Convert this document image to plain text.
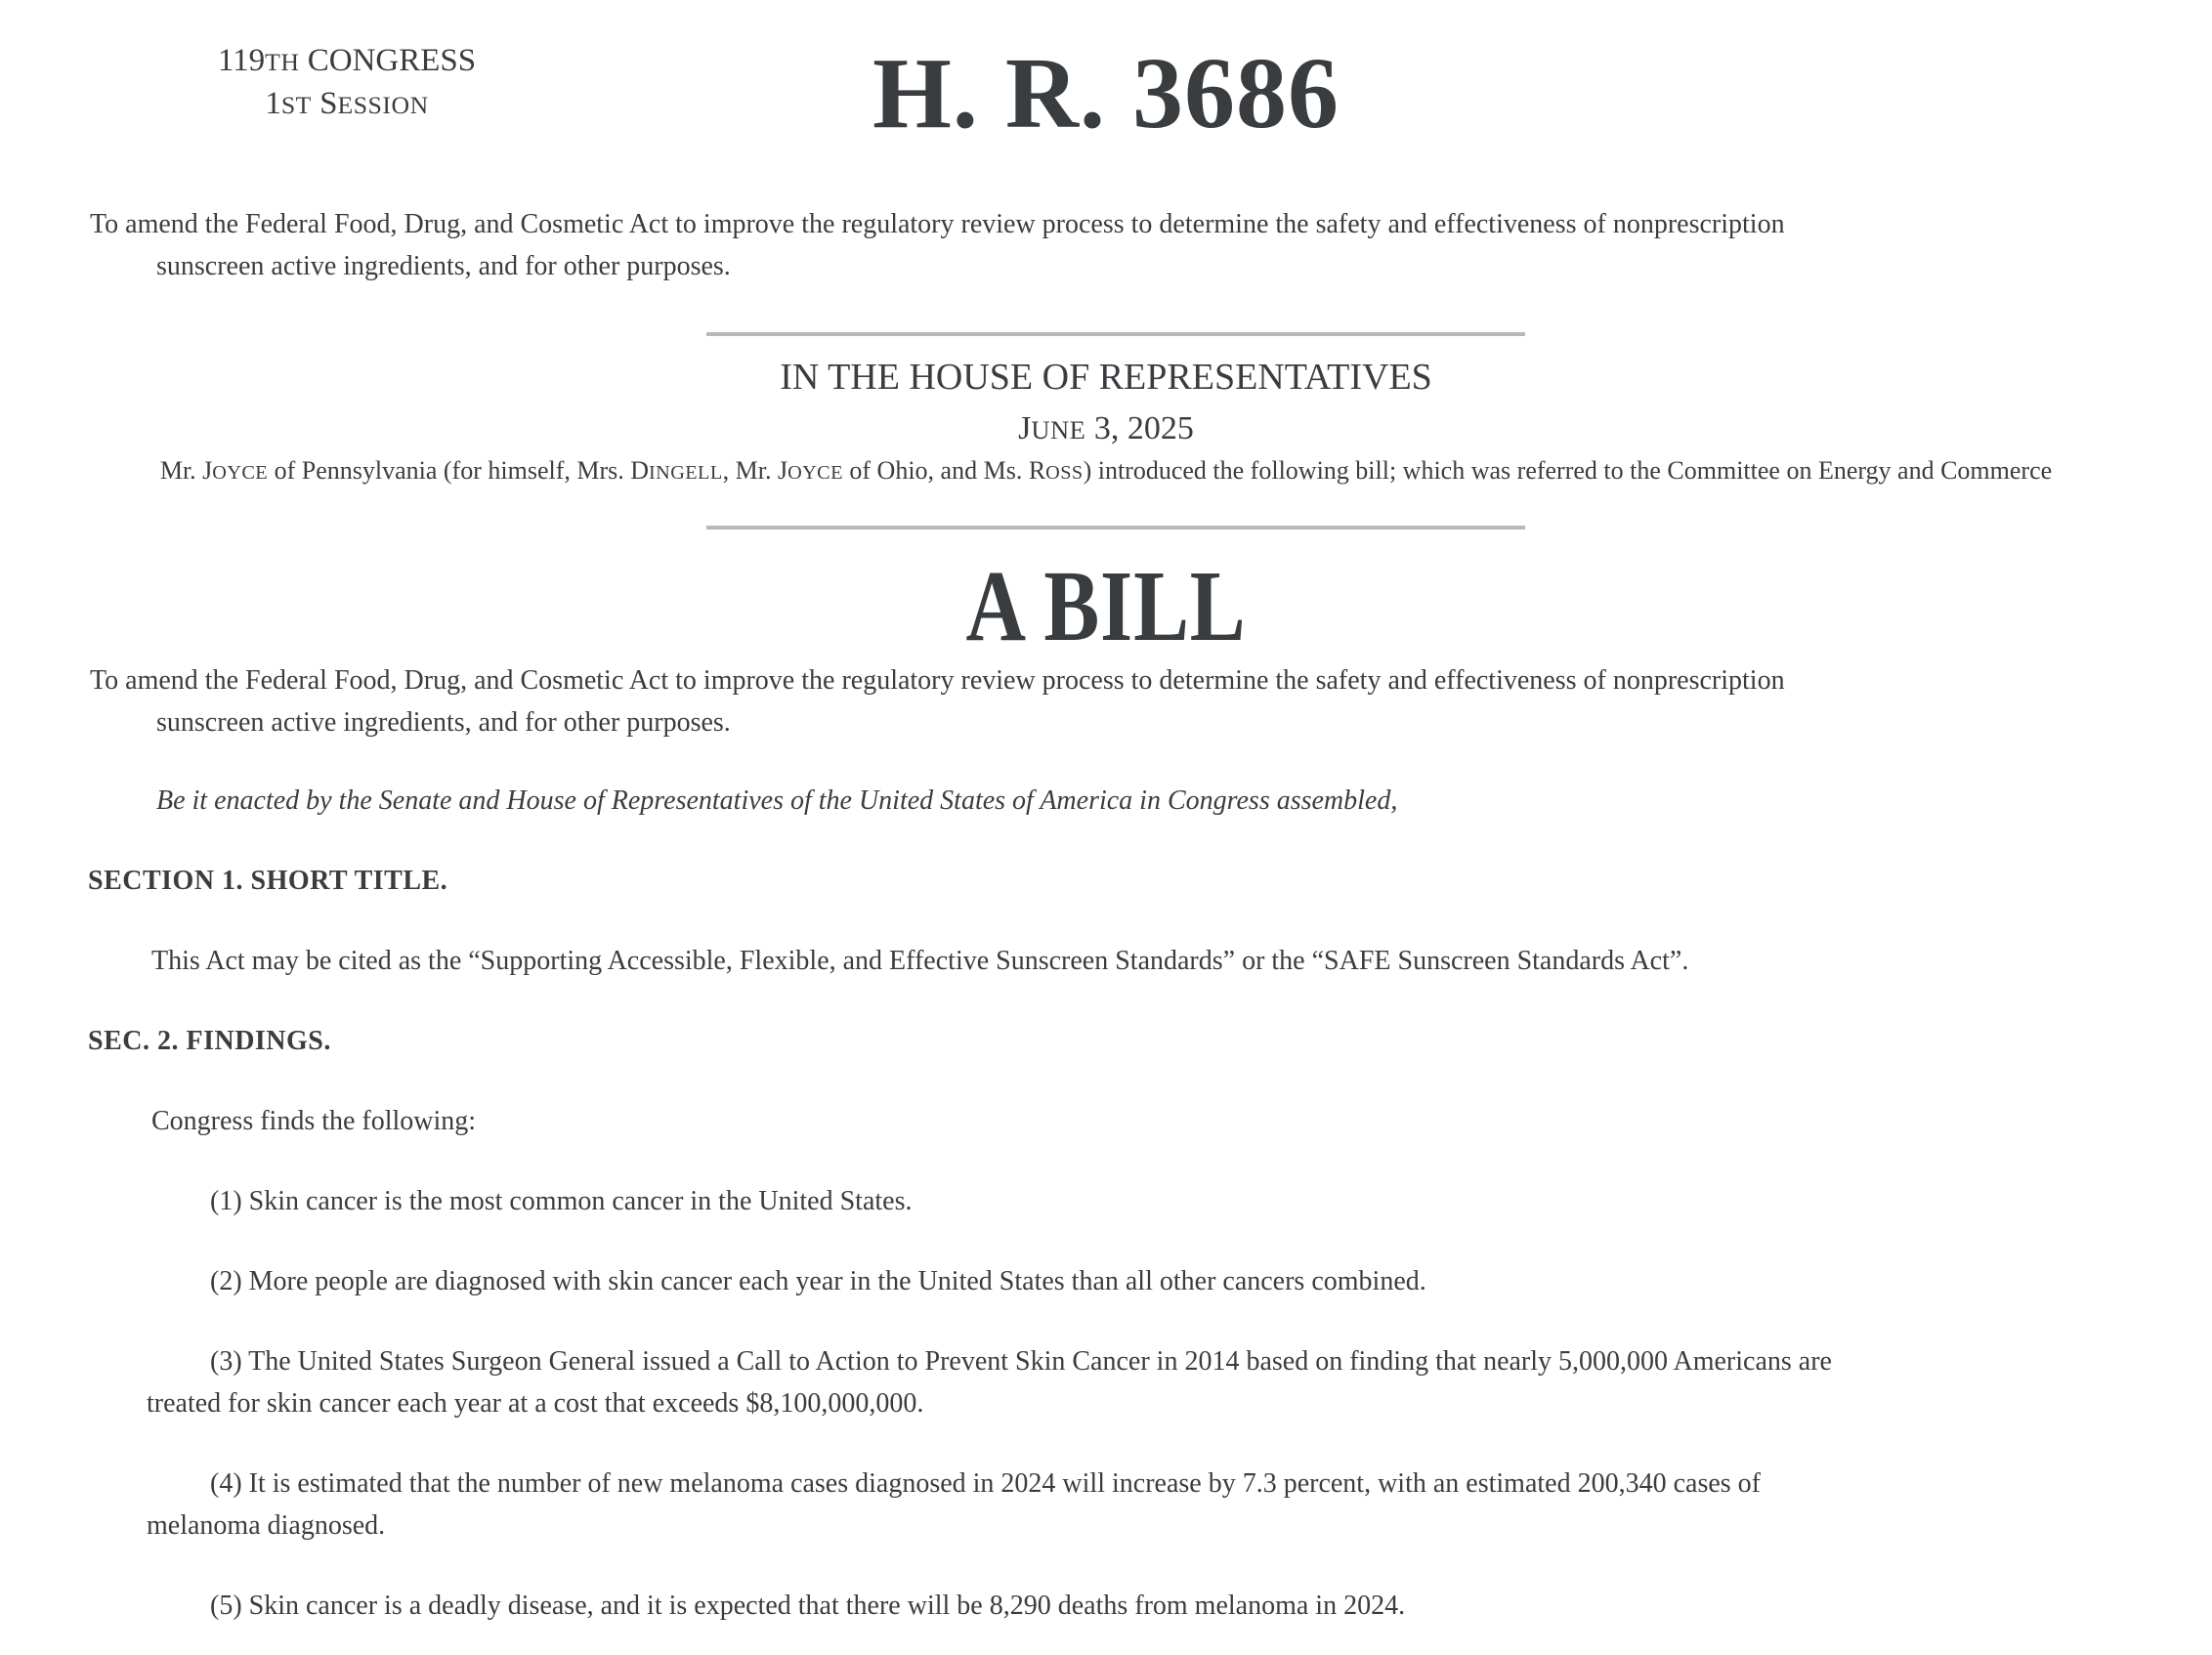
119TH CONGRESS
1ST SESSION	H. R. 3686
To amend the Federal Food, Drug, and Cosmetic Act to improve the regulatory review process to determine the safety and effectiveness of nonprescription
sunscreen active ingredients, and for other purposes.
IN THE HOUSE OF REPRESENTATIVES
JUNE 3, 2025
Mr. JOYCE of Pennsylvania (for himself, Mrs. DINGELL, Mr. JOYCE of Ohio, and Ms. ROSS) introduced the following bill; which was referred to the Committee on Energy and Commerce
A BILL
To amend the Federal Food, Drug, and Cosmetic Act to improve the regulatory review process to determine the safety and effectiveness of nonprescription
sunscreen active ingredients, and for other purposes.
Be it enacted by the Senate and House of Representatives of the United States of America in Congress assembled,
SECTION 1. SHORT TITLE.
This Act may be cited as the “Supporting Accessible, Flexible, and Effective Sunscreen Standards” or the “SAFE Sunscreen Standards Act”.
SEC. 2. FINDINGS.
Congress finds the following:
(1) Skin cancer is the most common cancer in the United States.
(2) More people are diagnosed with skin cancer each year in the United States than all other cancers combined.
(3) The United States Surgeon General issued a Call to Action to Prevent Skin Cancer in 2014 based on finding that nearly 5,000,000 Americans are
treated for skin cancer each year at a cost that exceeds $8,100,000,000.
(4) It is estimated that the number of new melanoma cases diagnosed in 2024 will increase by 7.3 percent, with an estimated 200,340 cases of
melanoma diagnosed.
(5) Skin cancer is a deadly disease, and it is expected that there will be 8,290 deaths from melanoma in 2024.
